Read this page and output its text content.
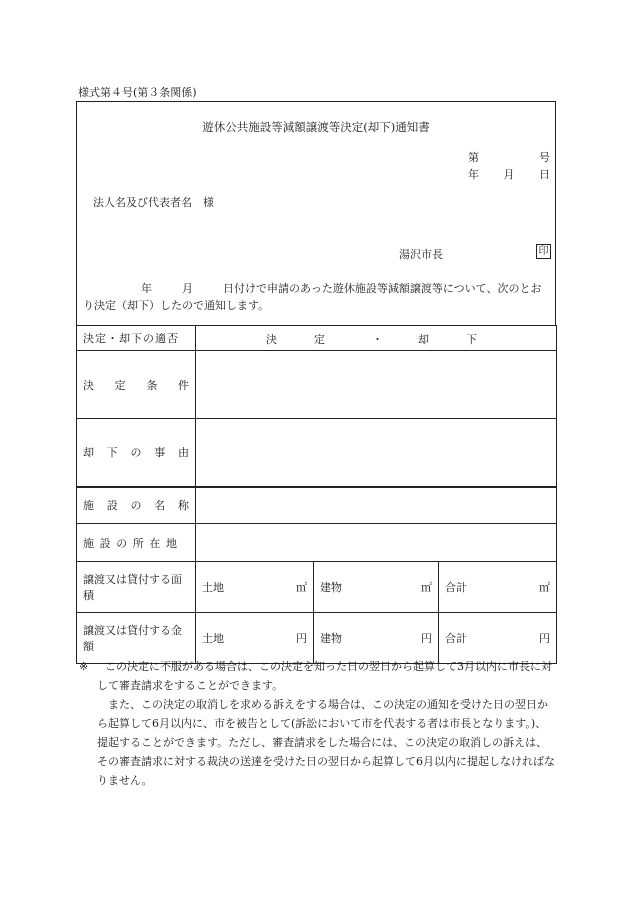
様式第４号(第３条関係)
遊休公共施設等減額譲渡等決定(却下)通知書
第	号
年 月 日
法人名及び代表者名　様
湯沢市長	印
年	月	日付けで申請のあった遊休施設等減額譲渡等について、次のとおり決定（却下）したので通知します。
決定・却下の適否	決 定 ・ 却 下		

決 定 条 件			

却 下 の 事 由			

施 設 の 名 称			

施設の所在地			
譲渡又は貸付する面積	土地 ㎡	建物 ㎡	合計 ㎡

譲渡又は貸付する金額	土地 円	建物 円	合計 円
※ この決定に不服がある場合は、この決定を知った日の翌日から起算して3月以内に市長に対して審査請求をすることができます。
また、この決定の取消しを求める訴えをする場合は、この決定の通知を受けた日の翌日から起算して6月以内に、市を被告として(訴訟において市を代表する者は市長となります。)、提起することができます。ただし、審査請求をした場合には、この決定の取消しの訴えは、その審査請求に対する裁決の送達を受けた日の翌日から起算して6月以内に提起しなければなりません。
